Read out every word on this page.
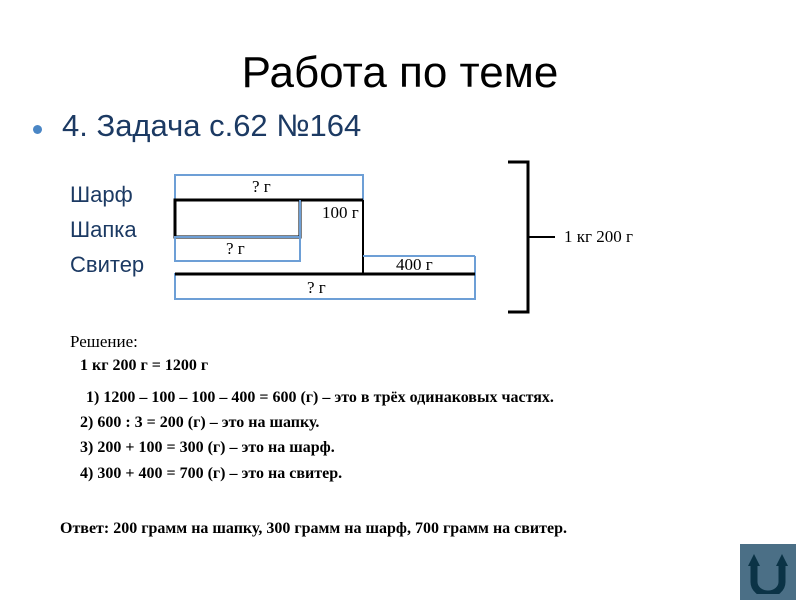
Работа по теме
4. Задача с.62 №164
Шарф
Шапка
Свитер
? г
100 г
? г
400 г
? г
1 кг 200 г
Решение:
1 кг 200 г = 1200 г
1) 1200 – 100 – 100 – 400 = 600 (г) – это в трёх одинаковых частях.
2) 600 : 3 = 200 (г) – это на шапку.
3) 200 + 100 = 300 (г) – это на шарф.
4) 300 + 400 = 700 (г) – это на свитер.
Ответ: 200 грамм на шапку, 300 грамм на шарф, 700 грамм на свитер.
